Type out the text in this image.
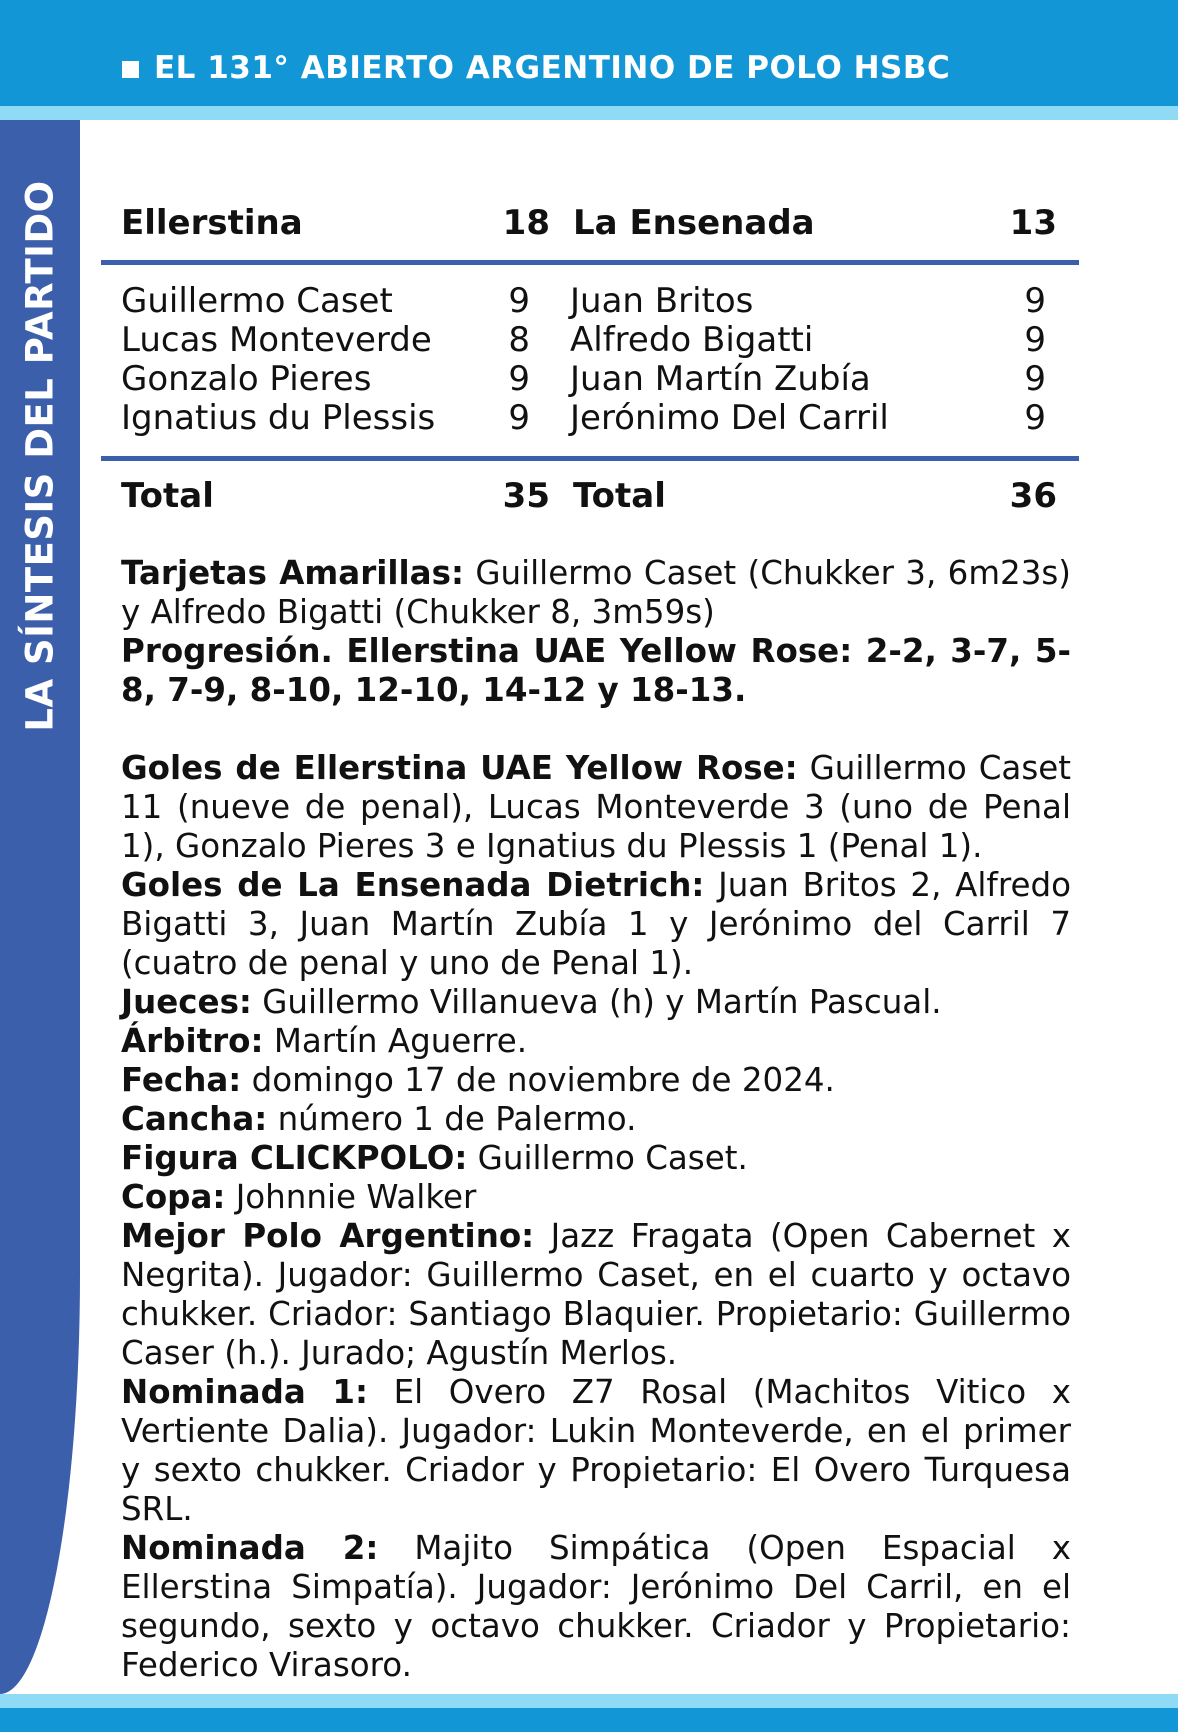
EL 131° ABIERTO ARGENTINO DE POLO HSBC
LA SÍNTESIS DEL PARTIDO Ellerstina	18 La Ensenada	13
Guillermo Caset	9 Juan Britos	9
Lucas Monteverde	8 Alfredo Bigatti	9
Gonzalo Pieres	9 Juan Martín Zubía	9
Ignatius du Plessis	9 Jerónimo Del Carril	9
Total	35 Total	36

Tarjetas Amarillas: Guillermo Caset (Chukker 3, 6m23s) y Alfredo Bigatti (Chukker 8, 3m59s)

Progresión. Ellerstina UAE Yellow Rose: 2-2, 3-7, 5-8, 7-9, 8-10, 12-10, 14-12 y 18-13.

Goles de Ellerstina UAE Yellow Rose: Guillermo Caset 11 (nueve de penal), Lucas Monteverde 3 (uno de Penal 1), Gonzalo Pieres 3 e Ignatius du Plessis 1 (Penal 1).

Goles de La Ensenada Dietrich: Juan Britos 2, Alfredo Bigatti 3, Juan Martín Zubía 1 y Jerónimo del Carril 7 (cuatro de penal y uno de Penal 1).

Jueces: Guillermo Villanueva (h) y Martín Pascual.

Árbitro: Martín Aguerre.

Fecha: domingo 17 de noviembre de 2024.

Cancha: número 1 de Palermo.

Figura CLICKPOLO: Guillermo Caset.

Copa: Johnnie Walker

Mejor Polo Argentino: Jazz Fragata (Open Cabernet x Negrita). Jugador: Guillermo Caset, en el cuarto y octavo chukker. Criador: Santiago Blaquier. Propietario: Guillermo Caser (h.). Jurado; Agustín Merlos.

Nominada 1: El Overo Z7 Rosal (Machitos Vitico x Vertiente Dalia). Jugador: Lukin Monteverde, en el primer y sexto chukker. Criador y Propietario: El Overo Turquesa SRL.

Nominada 2: Majito Simpática (Open Espacial x Ellerstina Simpatía). Jugador: Jerónimo Del Carril, en el segundo, sexto y octavo chukker. Criador y Propietario: Federico Virasoro.
